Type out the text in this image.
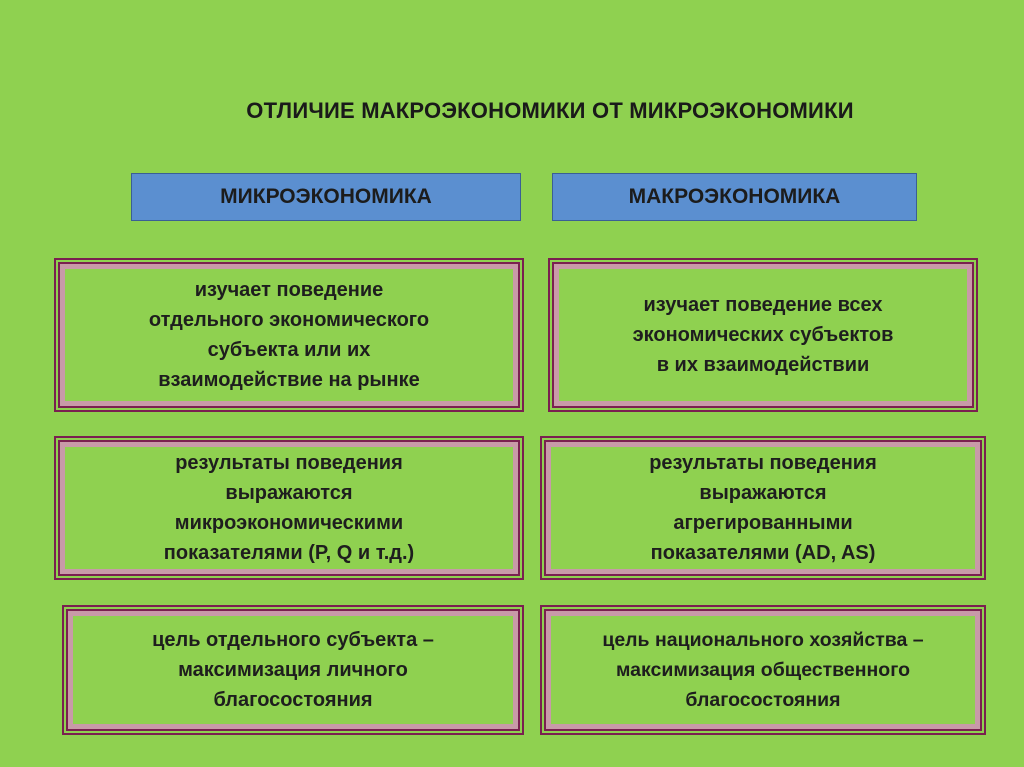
ОТЛИЧИЕ МАКРОЭКОНОМИКИ ОТ МИКРОЭКОНОМИКИ
МИКРОЭКОНОМИКА	МАКРОЭКОНОМИКА
изучает поведение
отдельного экономического
субъекта или их
взаимодействие на рынке
изучает поведение всех
экономических субъектов
в их взаимодействии
результаты поведения
выражаются
микроэкономическими
показателями (P, Q и т.д.)
результаты поведения
выражаются
агрегированными
показателями (AD, AS)
цель отдельного субъекта –
максимизация личного
благосостояния
цель национального хозяйства –
максимизация общественного
благосостояния
